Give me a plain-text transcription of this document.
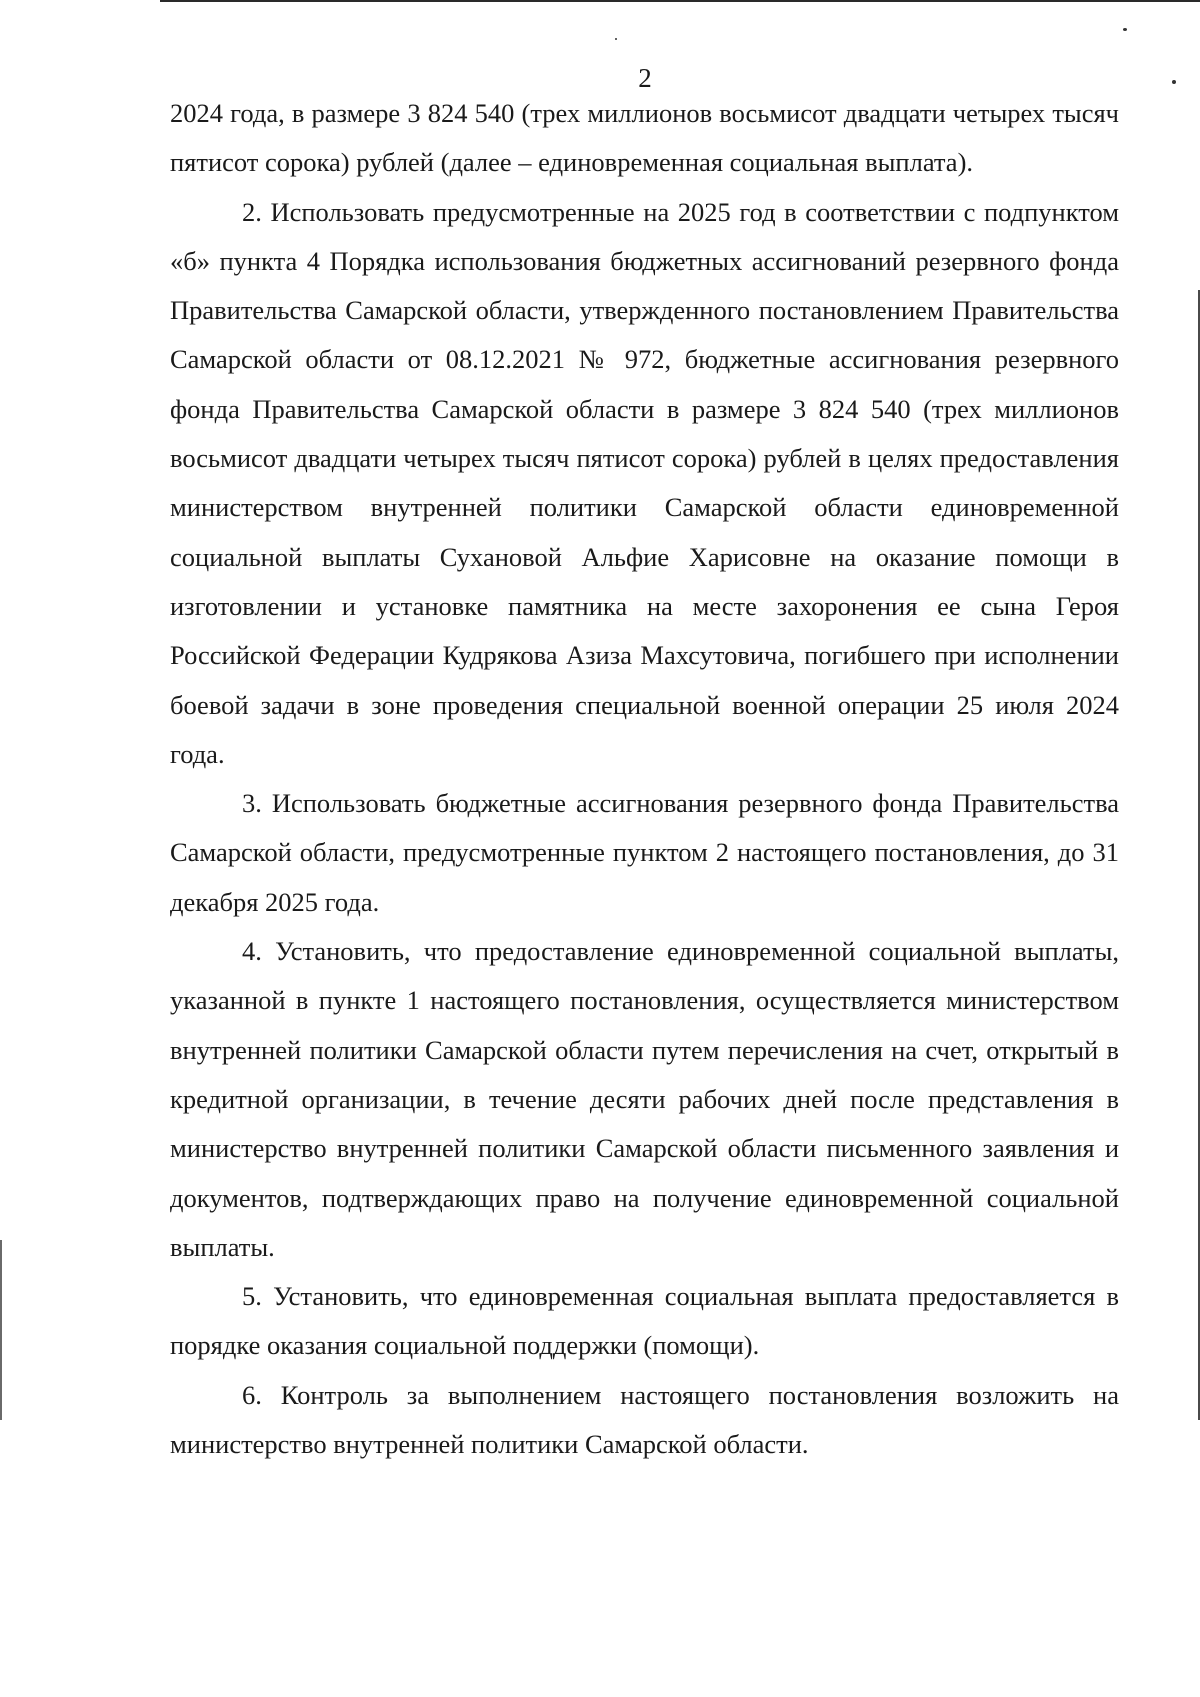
2

2024 года, в размере 3 824 540 (трех миллионов восьмисот двадцати четырех тысяч пятисот сорока) рублей (далее – единовременная социальная выплата).

2. Использовать предусмотренные на 2025 год в соответствии с подпунктом «б» пункта 4 Порядка использования бюджетных ассигнований резервного фонда Правительства Самарской области, утвержденного постановлением Правительства Самарской области от 08.12.2021 № 972, бюджетные ассигнования резервного фонда Правительства Самарской области в размере 3 824 540 (трех миллионов восьмисот двадцати четырех тысяч пятисот сорока) рублей в целях предоставления министерством внутренней политики Самарской области единовременной социальной выплаты Сухановой Альфие Харисовне на оказание помощи в изготовлении и установке памятника на месте захоронения ее сына Героя Российской Федерации Кудрякова Азиза Махсутовича, погибшего при исполнении боевой задачи в зоне проведения специальной военной операции 25 июля 2024 года.

3. Использовать бюджетные ассигнования резервного фонда Правительства Самарской области, предусмотренные пунктом 2 настоящего постановления, до 31 декабря 2025 года.

4. Установить, что предоставление единовременной социальной выплаты, указанной в пункте 1 настоящего постановления, осуществляется министерством внутренней политики Самарской области путем перечисления на счет, открытый в кредитной организации, в течение десяти рабочих дней после представления в министерство внутренней политики Самарской области письменного заявления и документов, подтверждающих право на получение единовременной социальной выплаты.

5. Установить, что единовременная социальная выплата предоставляется в порядке оказания социальной поддержки (помощи).

6. Контроль за выполнением настоящего постановления возложить на министерство внутренней политики Самарской области.
